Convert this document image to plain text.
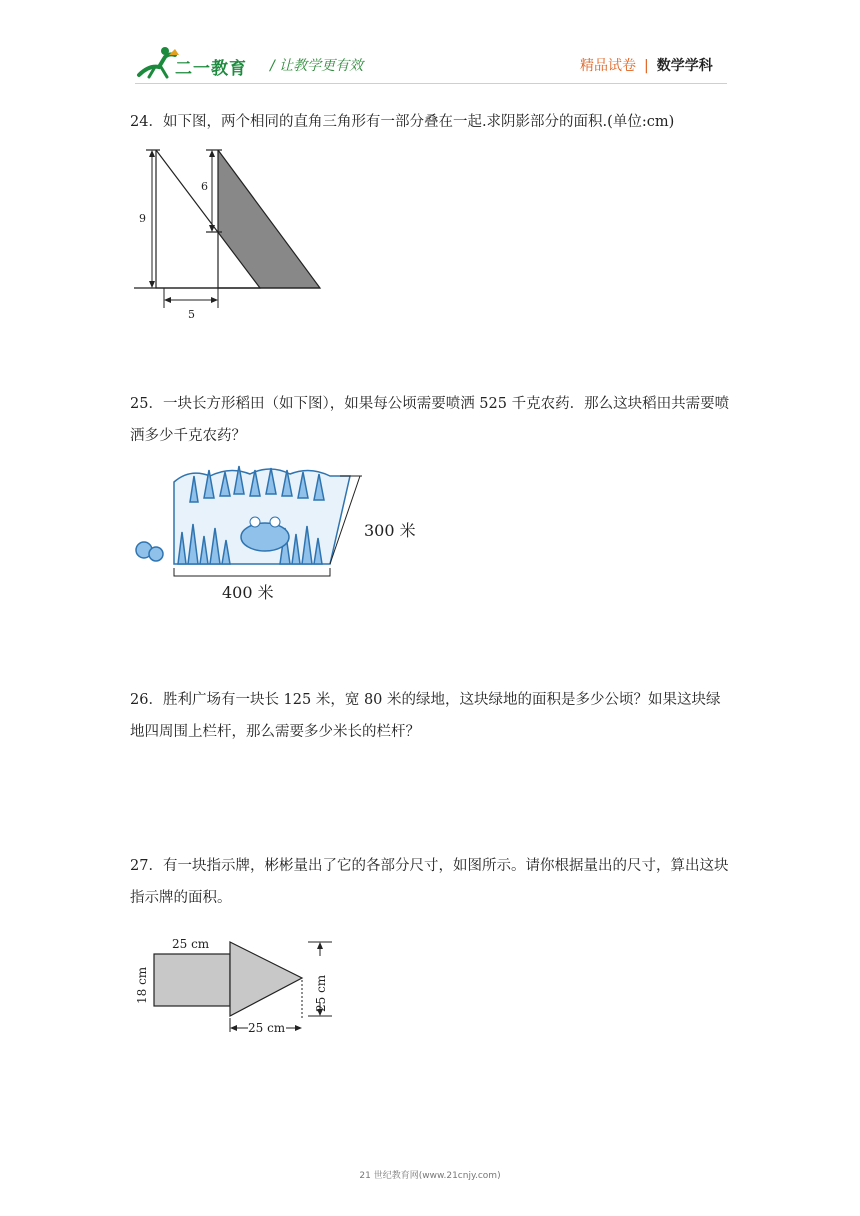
二一教育 / 让教学更有效	精品试卷 | 数学学科
24．如下图，两个相同的直角三角形有一部分叠在一起.求阴影部分的面积.(单位:cm)
9
6
5
25．一块长方形稻田（如下图），如果每公顷需要喷洒 525 千克农药．那么这块稻田共需要喷洒多少千克农药？
300 米
400 米
26．胜利广场有一块长 125 米，宽 80 米的绿地，这块绿地的面积是多少公顷？如果这块绿地四周围上栏杆，那么需要多少米长的栏杆？
27．有一块指示牌，彬彬量出了它的各部分尺寸，如图所示。请你根据量出的尺寸，算出这块指示牌的面积。
25 cm
18 cm	25 cm
25 cm
21 世纪教育网(www.21cnjy.com)
